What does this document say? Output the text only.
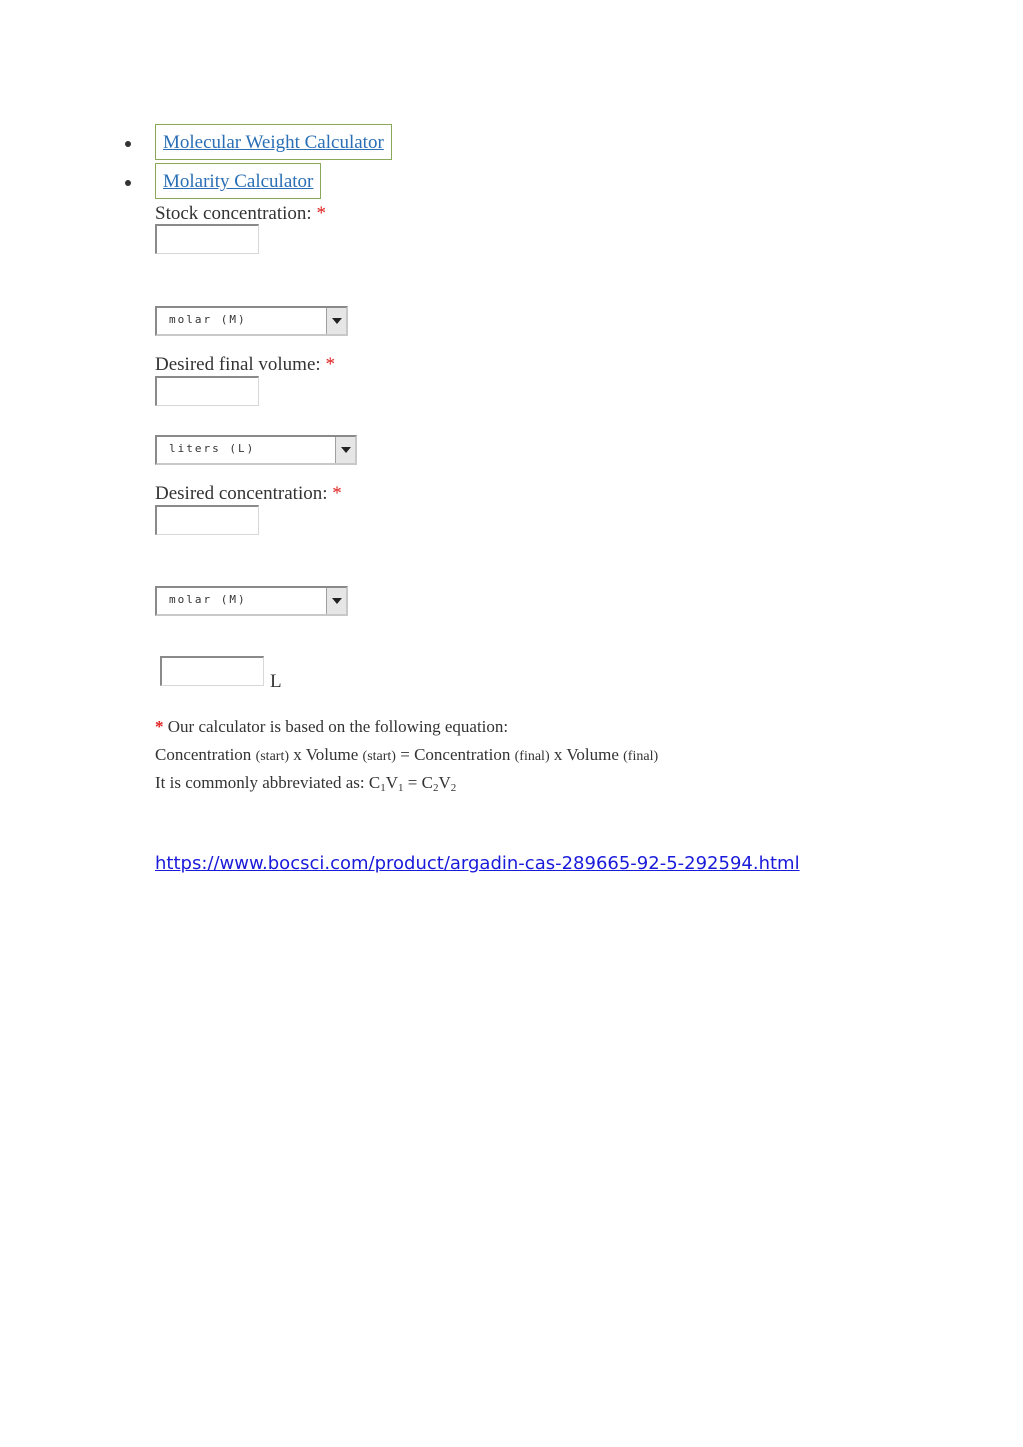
Molecular Weight Calculator
Molarity Calculator
Stock concentration: *
molar (M)
Desired final volume: *
liters (L)
Desired concentration: *
molar (M)
L
* Our calculator is based on the following equation:
Concentration (start) x Volume (start) = Concentration (final) x Volume (final)
It is commonly abbreviated as: $C_1V_1 = C_2V_2$
https://www.bocsci.com/product/argadin-cas-289665-92-5-292594.html
